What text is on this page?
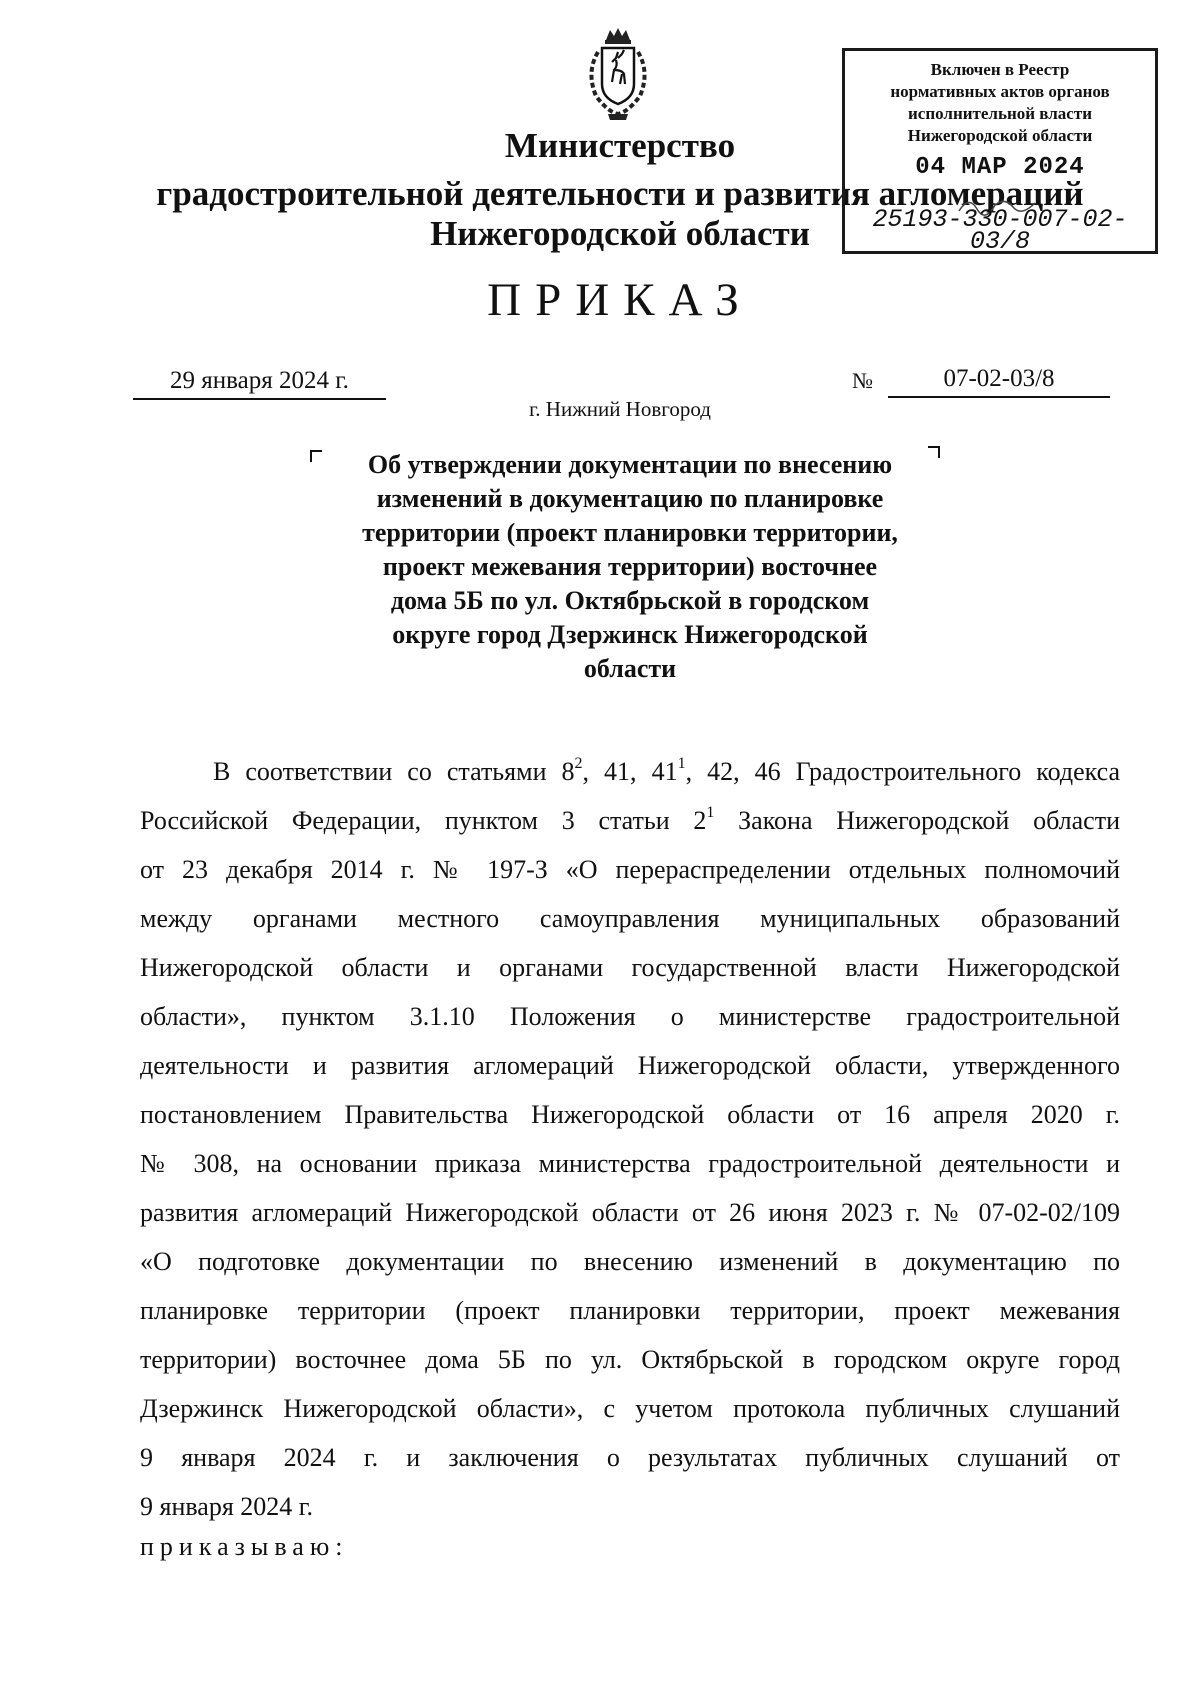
Министерство
градостроительной деятельности и развития агломераций
Нижегородской области
Включен в Реестр
нормативных актов органов
исполнительной власти
Нижегородской области
04 МАР 2024
25193-330-007-02-03/8
ПРИКАЗ
29 января 2024 г.	№	07-02-03/8
г. Нижний Новгород
Об утверждении документации по внесению
изменений в документацию по планировке
территории (проект планировки территории,
проект межевания территории) восточнее
дома 5Б по ул. Октябрьской в городском
округе город Дзержинск Нижегородской
области
В соответствии со статьями $8^2$, 41, $41^1$, 42, 46 Градостроительного кодекса
Российской Федерации, пунктом 3 статьи $2^1$ Закона Нижегородской области
от 23 декабря 2014 г. № 197-З «О перераспределении отдельных полномочий
между органами местного самоуправления муниципальных образований
Нижегородской области и органами государственной власти Нижегородской
области», пунктом 3.1.10 Положения о министерстве градостроительной
деятельности и развития агломераций Нижегородской области, утвержденного
постановлением Правительства Нижегородской области от 16 апреля 2020 г.
№ 308, на основании приказа министерства градостроительной деятельности и
развития агломераций Нижегородской области от 26 июня 2023 г. № 07-02-02/109
«О подготовке документации по внесению изменений в документацию по
планировке территории (проект планировки территории, проект межевания
территории) восточнее дома 5Б по ул. Октябрьской в городском округе город
Дзержинск Нижегородской области», с учетом протокола публичных слушаний
9 января 2024 г. и заключения о результатах публичных слушаний от
9 января 2024 г.
приказываю:
